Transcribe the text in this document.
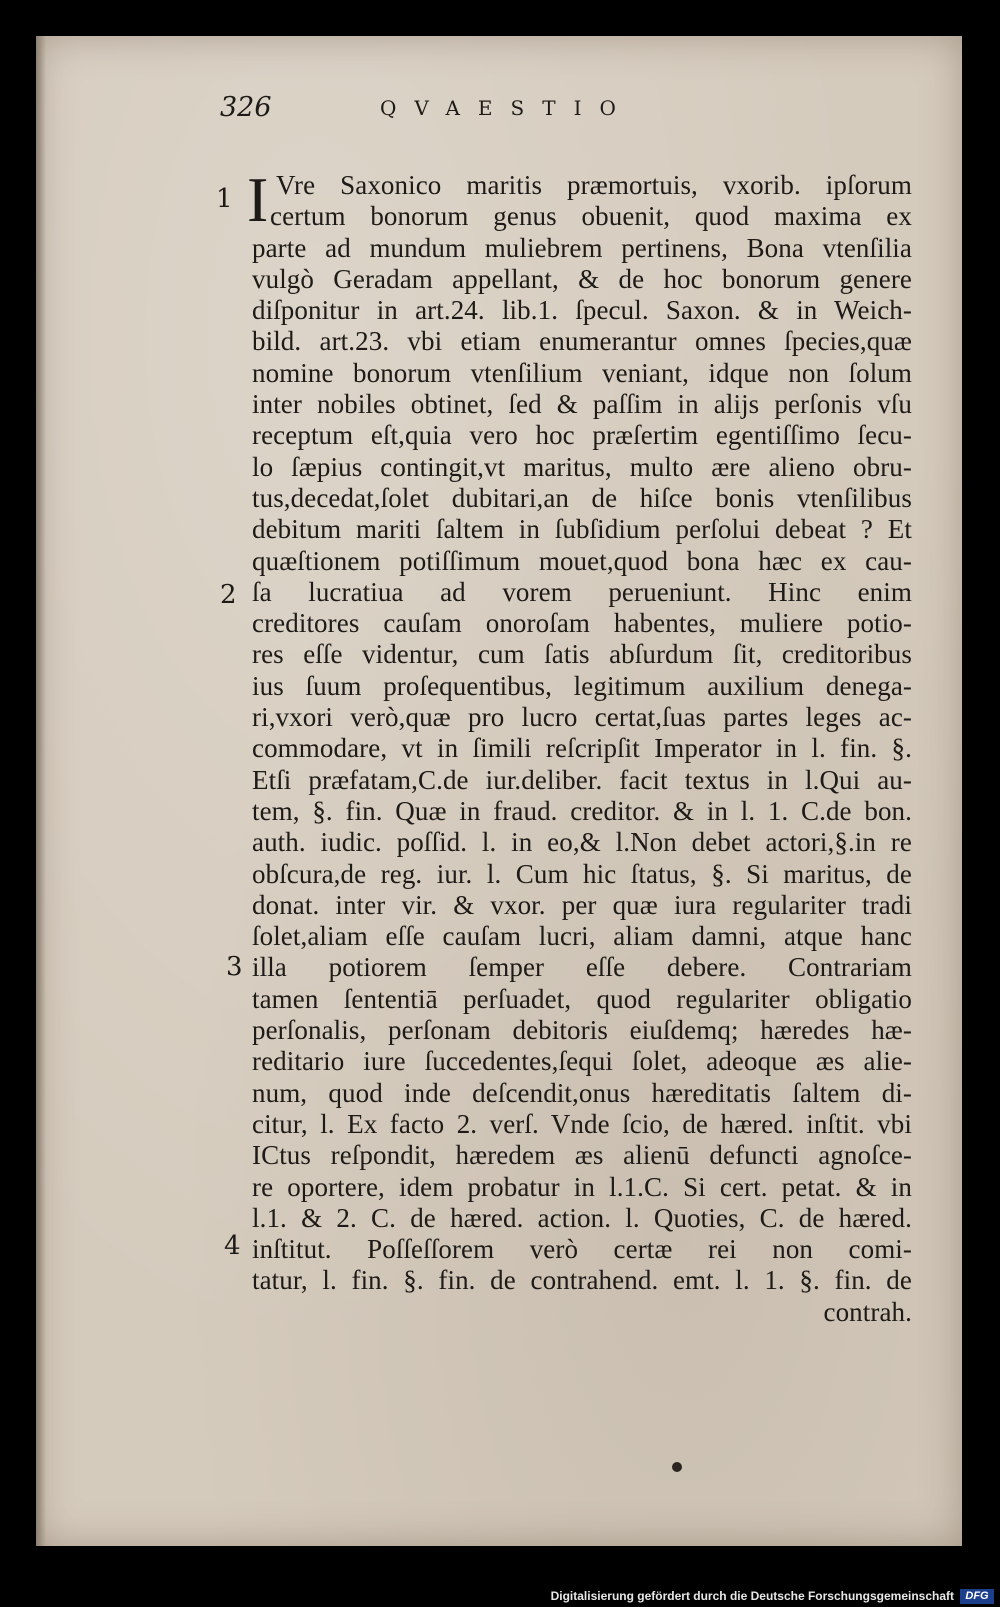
326	QVAESTIO
1
2
3
4
I Vre Saxonico maritis præmortuis, vxorib. ipſorum
certum bonorum genus obuenit, quod maxima ex
parte ad mundum muliebrem pertinens, Bona vtenſilia
vulgò Geradam appellant, & de hoc bonorum genere
diſponitur in art.24. lib.1. ſpecul. Saxon. & in Weich-
bild. art.23. vbi etiam enumerantur omnes ſpecies,quæ
nomine bonorum vtenſilium veniant, idque non ſolum
inter nobiles obtinet, ſed & paſſim in alijs perſonis vſu
receptum eſt,quia vero hoc præſertim egentiſſimo ſecu-
lo ſæpius contingit,vt maritus, multo ære alieno obru-
tus,decedat,ſolet dubitari,an de hiſce bonis vtenſilibus
debitum mariti ſaltem in ſubſidium perſolui debeat ? Et
quæſtionem potiſſimum mouet,quod bona hæc ex cau-
ſa lucratiua ad vorem perueniunt. Hinc enim
creditores cauſam onoroſam habentes, muliere potio-
res eſſe videntur, cum ſatis abſurdum ſit, creditoribus
ius ſuum proſequentibus, legitimum auxilium denega-
ri,vxori verò,quæ pro lucro certat,ſuas partes leges ac-
commodare, vt in ſimili reſcripſit Imperator in l. fin. §.
Etſi præfatam,C.de iur.deliber. facit textus in l.Qui au-
tem, §. fin. Quæ in fraud. creditor. & in l. 1. C.de bon.
auth. iudic. poſſid. l. in eo,& l.Non debet actori,§.in re
obſcura,de reg. iur. l. Cum hic ſtatus, §. Si maritus, de
donat. inter vir. & vxor. per quæ iura regulariter tradi
ſolet,aliam eſſe cauſam lucri, aliam damni, atque hanc
illa potiorem ſemper eſſe debere. Contrariam
tamen ſententiā perſuadet, quod regulariter obligatio
perſonalis, perſonam debitoris eiuſdemq; hæredes hæ-
reditario iure ſuccedentes,ſequi ſolet, adeoque æs alie-
num, quod inde deſcendit,onus hæreditatis ſaltem di-
citur, l. Ex facto 2. verſ. Vnde ſcio, de hæred. inſtit. vbi
ICtus reſpondit, hæredem æs alienū defuncti agnoſce-
re oportere, idem probatur in l.1.C. Si cert. petat. & in
l.1. & 2. C. de hæred. action. l. Quoties, C. de hæred.
inſtitut. Poſſeſſorem verò certæ rei non comi-
tatur, l. fin. §. fin. de contrahend. emt. l. 1. §. fin. de
contrah.
Digitalisierung gefördert durch die Deutsche Forschungsgemeinschaft	DFG
